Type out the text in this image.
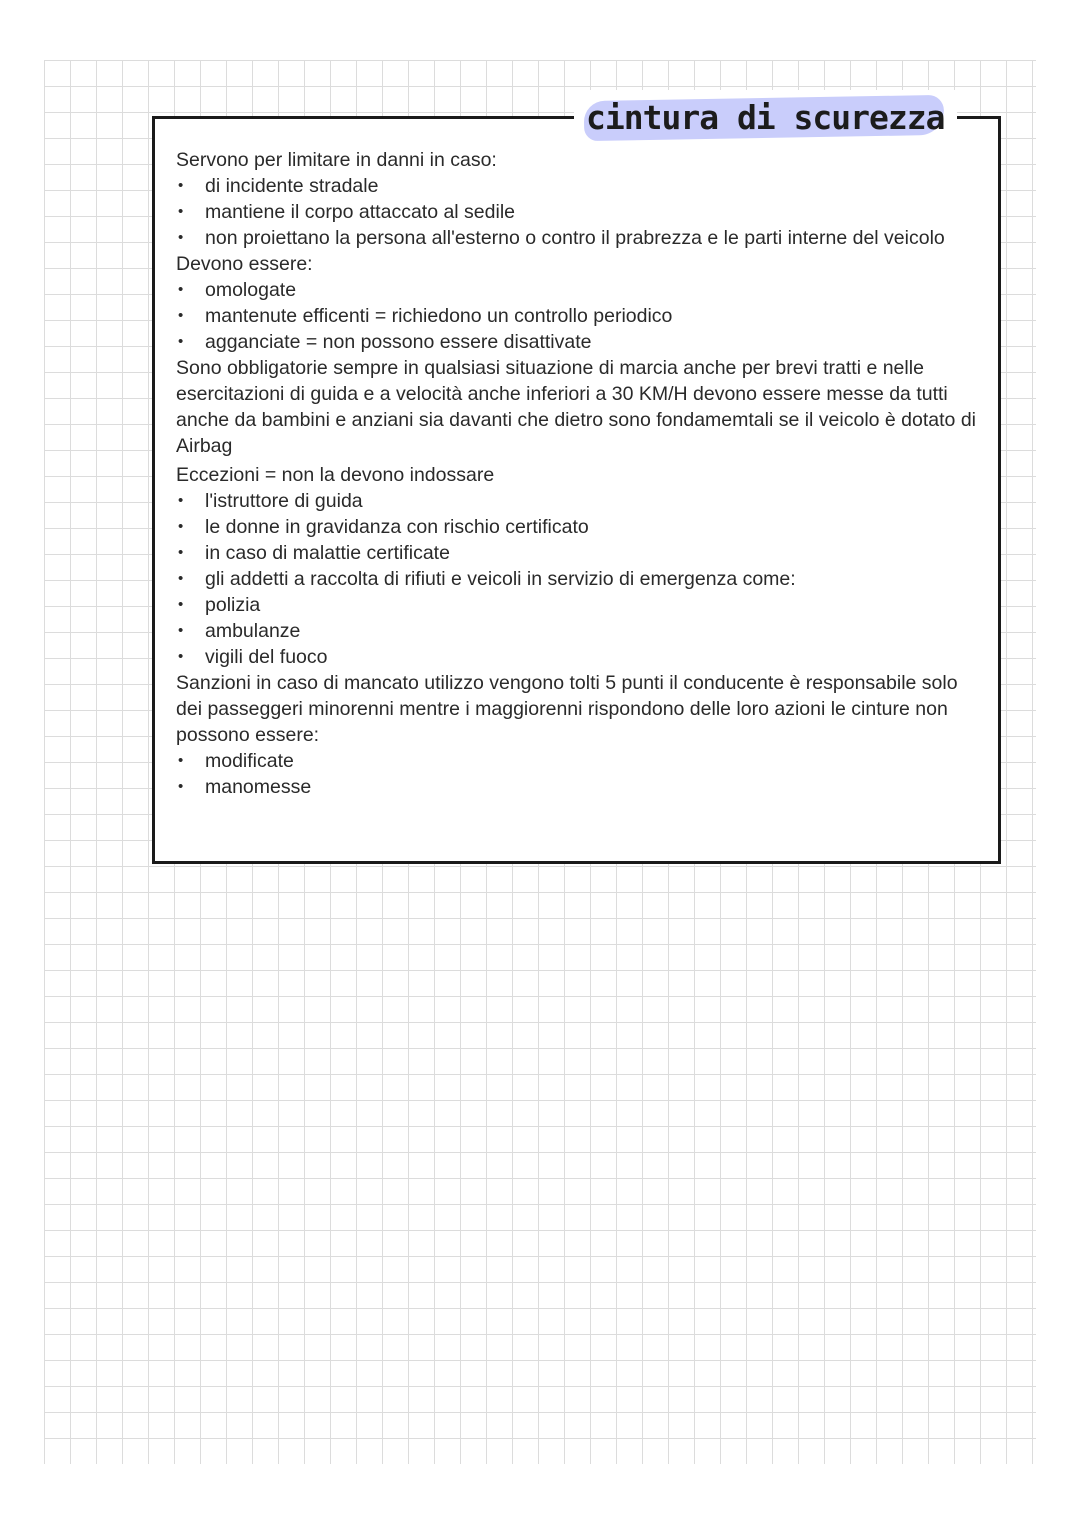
cintura di scurezza

Servono per limitare in danni in caso:

• di incidente stradale
• mantiene il corpo attaccato al sedile
• non proiettano la persona all'esterno o contro il prabrezza e le parti interne del veicolo

Devono essere:

• omologate
• mantenute efficenti = richiedono un controllo periodico
• agganciate = non possono essere disattivate

Sono obbligatorie sempre in qualsiasi situazione di marcia anche per brevi tratti e nelle esercitazioni di guida e a velocità anche inferiori a 30 KM/H devono essere messe da tutti anche da bambini e anziani sia davanti che dietro sono fondamemtali se il veicolo è dotato di Airbag

Eccezioni = non la devono indossare

• l'istruttore di guida
• le donne in gravidanza con rischio certificato
• in caso di malattie certificate
• gli addetti a raccolta di rifiuti e veicoli in servizio di emergenza come:
• polizia
• ambulanze
• vigili del fuoco

Sanzioni in caso di mancato utilizzo vengono tolti 5 punti il conducente è responsabile solo dei passeggeri minorenni mentre i maggiorenni rispondono delle loro azioni le cinture non possono essere:

• modificate
• manomesse
